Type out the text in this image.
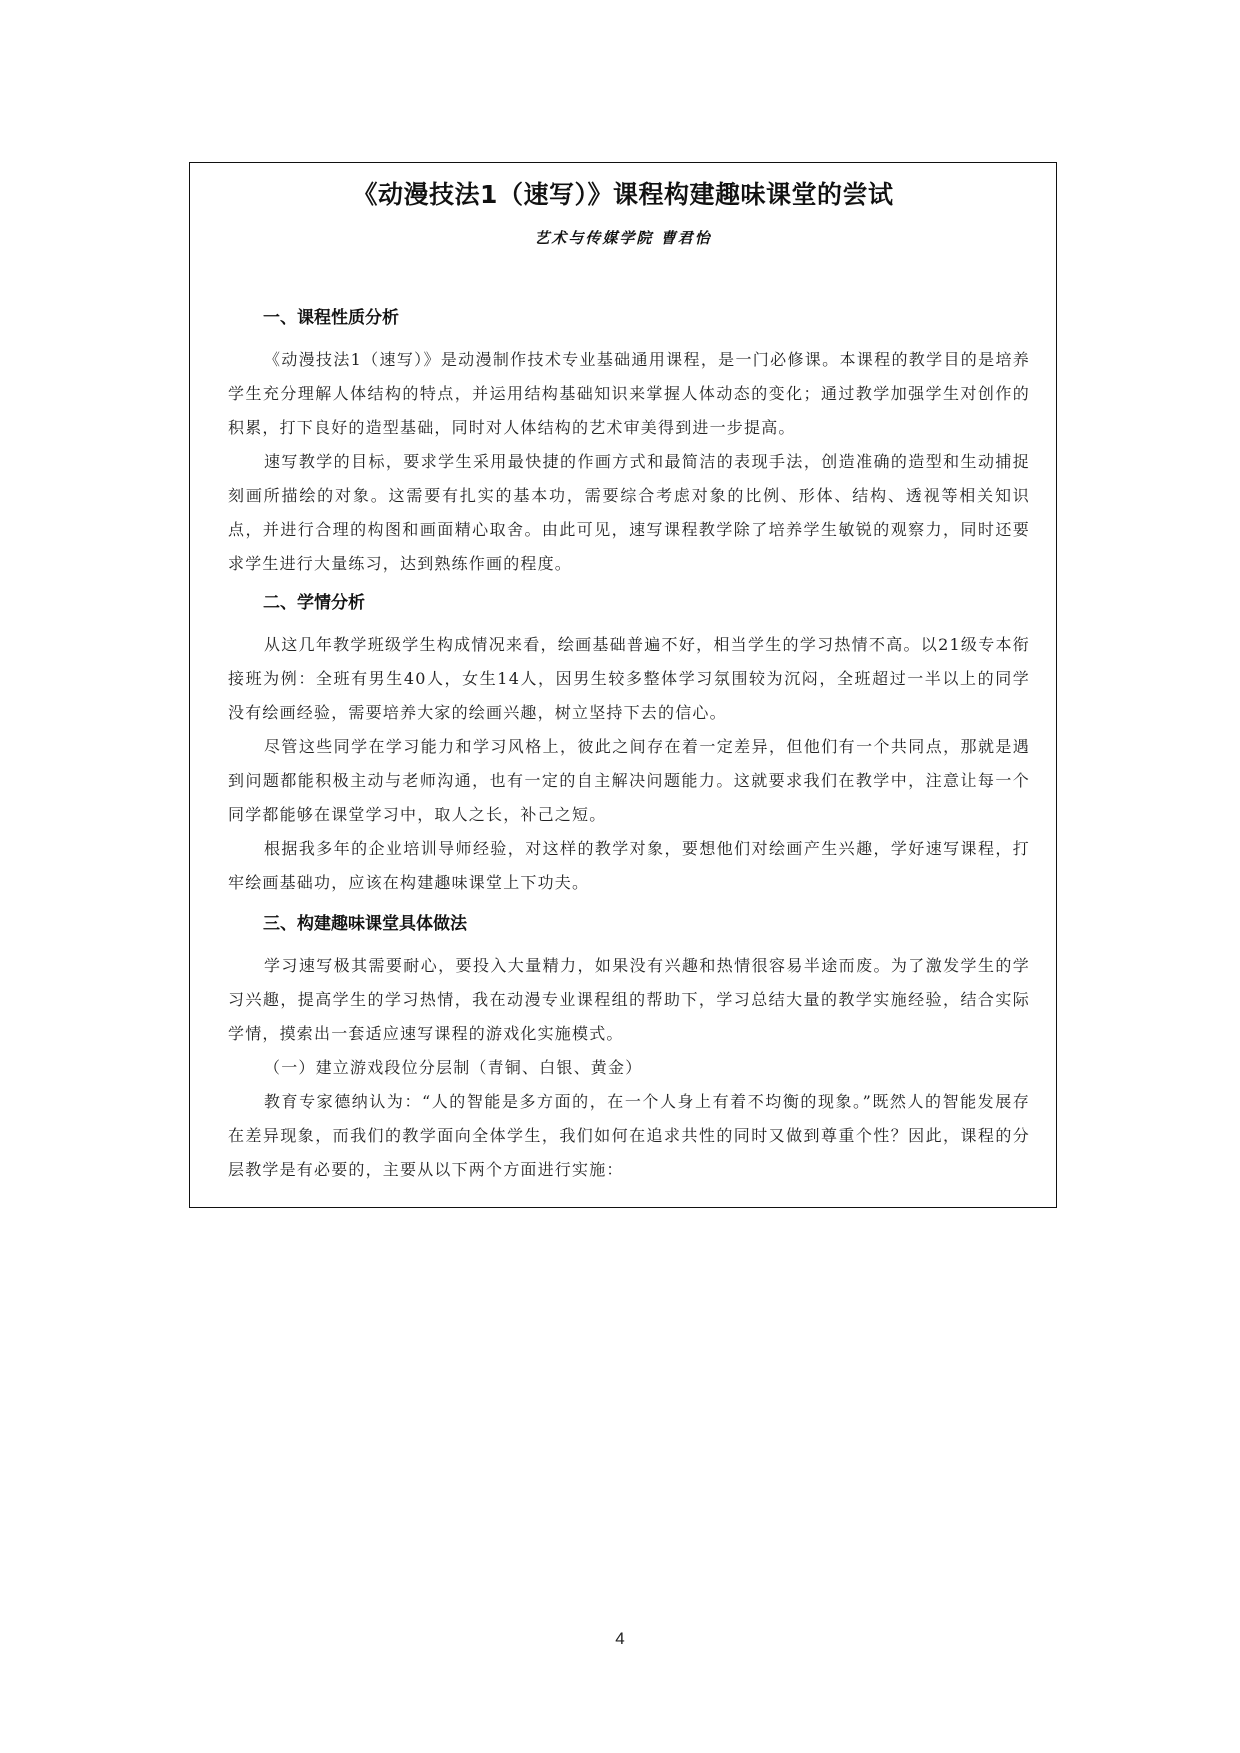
《动漫技法1（速写）》课程构建趣味课堂的尝试
艺术与传媒学院 曹君怡
一、课程性质分析

《动漫技法1（速写）》是动漫制作技术专业基础通用课程，是一门必修课。本课程的教学目的是培养学生充分理解人体结构的特点，并运用结构基础知识来掌握人体动态的变化；通过教学加强学生对创作的积累，打下良好的造型基础，同时对人体结构的艺术审美得到进一步提高。

速写教学的目标，要求学生采用最快捷的作画方式和最简洁的表现手法，创造准确的造型和生动捕捉刻画所描绘的对象。这需要有扎实的基本功，需要综合考虑对象的比例、形体、结构、透视等相关知识点，并进行合理的构图和画面精心取舍。由此可见，速写课程教学除了培养学生敏锐的观察力，同时还要求学生进行大量练习，达到熟练作画的程度。

二、学情分析

从这几年教学班级学生构成情况来看，绘画基础普遍不好，相当学生的学习热情不高。以21级专本衔接班为例：全班有男生40人，女生14人，因男生较多整体学习氛围较为沉闷，全班超过一半以上的同学没有绘画经验，需要培养大家的绘画兴趣，树立坚持下去的信心。

尽管这些同学在学习能力和学习风格上，彼此之间存在着一定差异，但他们有一个共同点，那就是遇到问题都能积极主动与老师沟通，也有一定的自主解决问题能力。这就要求我们在教学中，注意让每一个同学都能够在课堂学习中，取人之长，补己之短。

根据我多年的企业培训导师经验，对这样的教学对象，要想他们对绘画产生兴趣，学好速写课程，打牢绘画基础功，应该在构建趣味课堂上下功夫。

三、构建趣味课堂具体做法

学习速写极其需要耐心，要投入大量精力，如果没有兴趣和热情很容易半途而废。为了激发学生的学习兴趣，提高学生的学习热情，我在动漫专业课程组的帮助下，学习总结大量的教学实施经验，结合实际学情，摸索出一套适应速写课程的游戏化实施模式。

（一）建立游戏段位分层制（青铜、白银、黄金）

教育专家德纳认为：“人的智能是多方面的，在一个人身上有着不均衡的现象。”既然人的智能发展存在差异现象，而我们的教学面向全体学生，我们如何在追求共性的同时又做到尊重个性？因此，课程的分层教学是有必要的，主要从以下两个方面进行实施：

4
